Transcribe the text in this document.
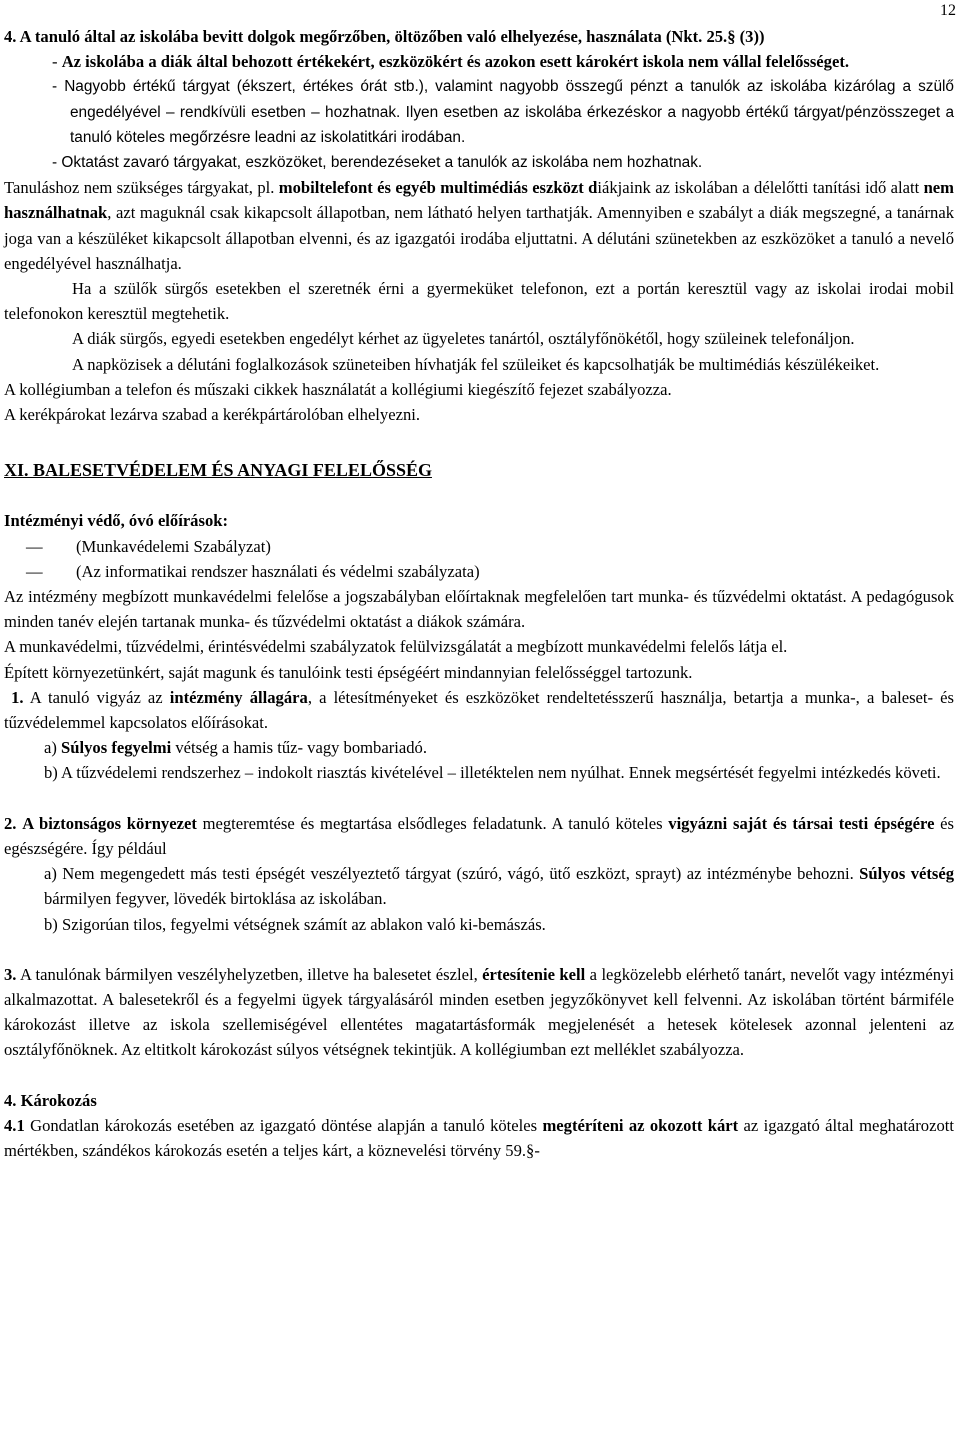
12

4. A tanuló által az iskolába bevitt dolgok megőrzőben, öltözőben való elhelyezése, használata (Nkt. 25.§ (3))

- Az iskolába a diák által behozott értékekért, eszközökért és azokon esett károkért iskola nem vállal felelősséget.

- Nagyobb értékű tárgyat (ékszert, értékes órát stb.), valamint nagyobb összegű pénzt a tanulók az iskolába kizárólag a szülő engedélyével – rendkívüli esetben – hozhatnak. Ilyen esetben az iskolába érkezéskor a nagyobb értékű tárgyat/pénzösszeget a tanuló köteles megőrzésre leadni az iskolatitkári irodában.

- Oktatást zavaró tárgyakat, eszközöket, berendezéseket a tanulók az iskolába nem hozhatnak.

Tanuláshoz nem szükséges tárgyakat, pl. mobiltelefont és egyéb multimédiás eszközt diákjaink az iskolában a délelőtti tanítási idő alatt nem használhatnak, azt maguknál csak kikapcsolt állapotban, nem látható helyen tarthatják. Amennyiben e szabályt a diák megszegné, a tanárnak joga van a készüléket kikapcsolt állapotban elvenni, és az igazgatói irodába eljuttatni. A délutáni szünetekben az eszközöket a tanuló a nevelő engedélyével használhatja.

Ha a szülők sürgős esetekben el szeretnék érni a gyermeküket telefonon, ezt a portán keresztül vagy az iskolai irodai mobil telefonokon keresztül megtehetik.

A diák sürgős, egyedi esetekben engedélyt kérhet az ügyeletes tanártól, osztályfőnökétől, hogy szüleinek telefonáljon.

A napközisek a délutáni foglalkozások szüneteiben hívhatják fel szüleiket és kapcsolhatják be multimédiás készülékeiket.

A kollégiumban a telefon és műszaki cikkek használatát a kollégiumi kiegészítő fejezet szabályozza.

A kerékpárokat lezárva szabad a kerékpártárolóban elhelyezni.

XI. BALESETVÉDELEM ÉS ANYAGI FELELŐSSÉG

Intézményi védő, óvó előírások:

— (Munkavédelemi Szabályzat)

— (Az informatikai rendszer használati és védelmi szabályzata)

Az intézmény megbízott munkavédelmi felelőse a jogszabályban előírtaknak megfelelően tart munka- és tűzvédelmi oktatást. A pedagógusok minden tanév elején tartanak munka- és tűzvédelmi oktatást a diákok számára.

A munkavédelmi, tűzvédelmi, érintésvédelmi szabályzatok felülvizsgálatát a megbízott munkavédelmi felelős látja el.

Épített környezetünkért, saját magunk és tanulóink testi épségéért mindannyian felelősséggel tartozunk.

1. A tanuló vigyáz az intézmény állagára, a létesítményeket és eszközöket rendeltetésszerű használja, betartja a munka-, a baleset- és tűzvédelemmel kapcsolatos előírásokat.

a) Súlyos fegyelmi vétség a hamis tűz- vagy bombariadó.

b) A tűzvédelemi rendszerhez – indokolt riasztás kivételével – illetéktelen nem nyúlhat. Ennek megsértését fegyelmi intézkedés követi.

2. A biztonságos környezet megteremtése és megtartása elsődleges feladatunk. A tanuló köteles vigyázni saját és társai testi épségére és egészségére. Így például

a) Nem megengedett más testi épségét veszélyeztető tárgyat (szúró, vágó, ütő eszközt, sprayt) az intézménybe behozni. Súlyos vétség bármilyen fegyver, lövedék birtoklása az iskolában.

b) Szigorúan tilos, fegyelmi vétségnek számít az ablakon való ki-bemászás.

3. A tanulónak bármilyen veszélyhelyzetben, illetve ha balesetet észlel, értesítenie kell a legközelebb elérhető tanárt, nevelőt vagy intézményi alkalmazottat. A balesetekről és a fegyelmi ügyek tárgyalásáról minden esetben jegyzőkönyvet kell felvenni. Az iskolában történt bármiféle károkozást illetve az iskola szellemiségével ellentétes magatartásformák megjelenését a hetesek kötelesek azonnal jelenteni az osztályfőnöknek. Az eltitkolt károkozást súlyos vétségnek tekintjük. A kollégiumban ezt melléklet szabályozza.

4. Károkozás

4.1 Gondatlan károkozás esetében az igazgató döntése alapján a tanuló köteles megtéríteni az okozott kárt az igazgató által meghatározott mértékben, szándékos károkozás esetén a teljes kárt, a köznevelési törvény 59.§-
